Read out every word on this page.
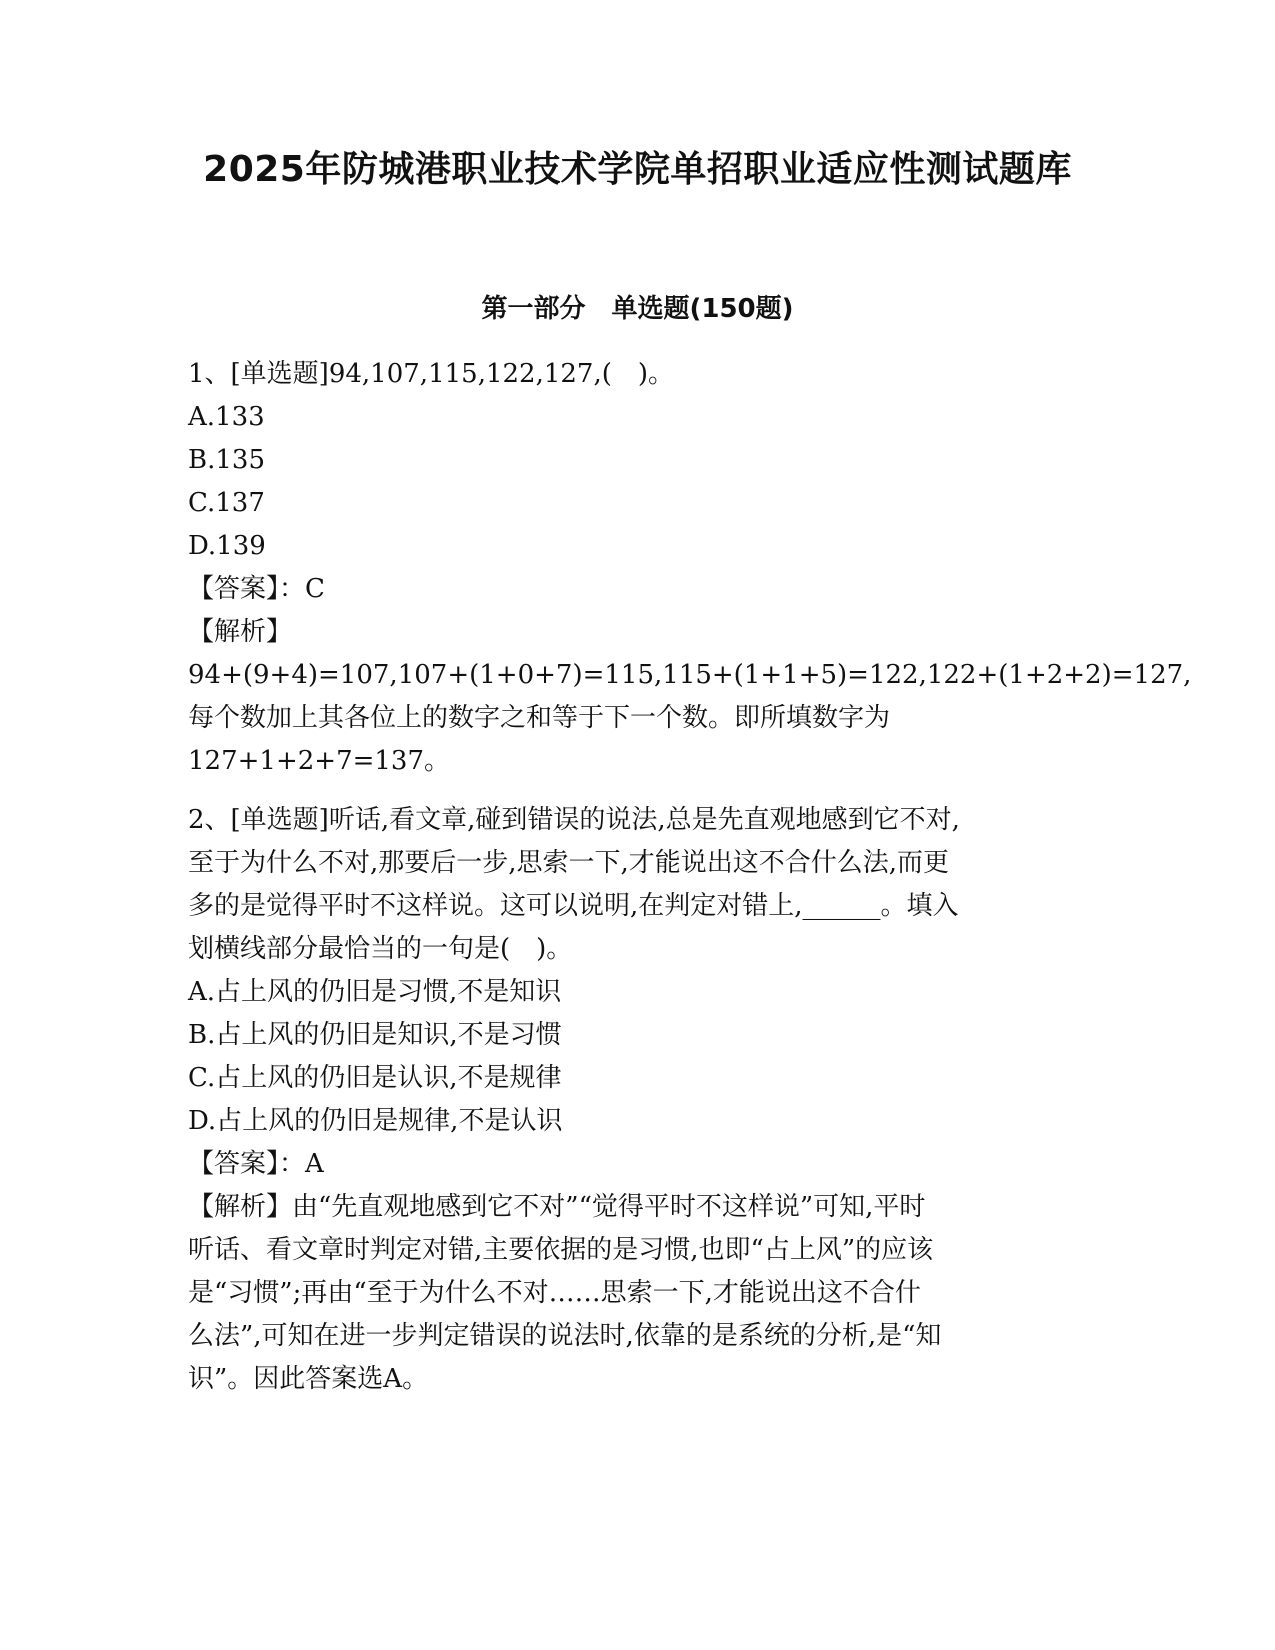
2025年防城港职业技术学院单招职业适应性测试题库
第一部分　单选题(150题)
1、[单选题]94,107,115,122,127,(　)。
A.133
B.135
C.137
D.139
【答案】：C
【解析】
94+(9+4)=107,107+(1+0+7)=115,115+(1+1+5)=122,122+(1+2+2)=127,
每个数加上其各位上的数字之和等于下一个数。即所填数字为
127+1+2+7=137。
2、[单选题]听话,看文章,碰到错误的说法,总是先直观地感到它不对,
至于为什么不对,那要后一步,思索一下,才能说出这不合什么法,而更
多的是觉得平时不这样说。这可以说明,在判定对错上,______。填入
划横线部分最恰当的一句是(　)。
A.占上风的仍旧是习惯,不是知识
B.占上风的仍旧是知识,不是习惯
C.占上风的仍旧是认识,不是规律
D.占上风的仍旧是规律,不是认识
【答案】：A
【解析】由“先直观地感到它不对”“觉得平时不这样说”可知,平时
听话、看文章时判定对错,主要依据的是习惯,也即“占上风”的应该
是“习惯”;再由“至于为什么不对……思索一下,才能说出这不合什
么法”,可知在进一步判定错误的说法时,依靠的是系统的分析,是“知
识”。因此答案选A。
